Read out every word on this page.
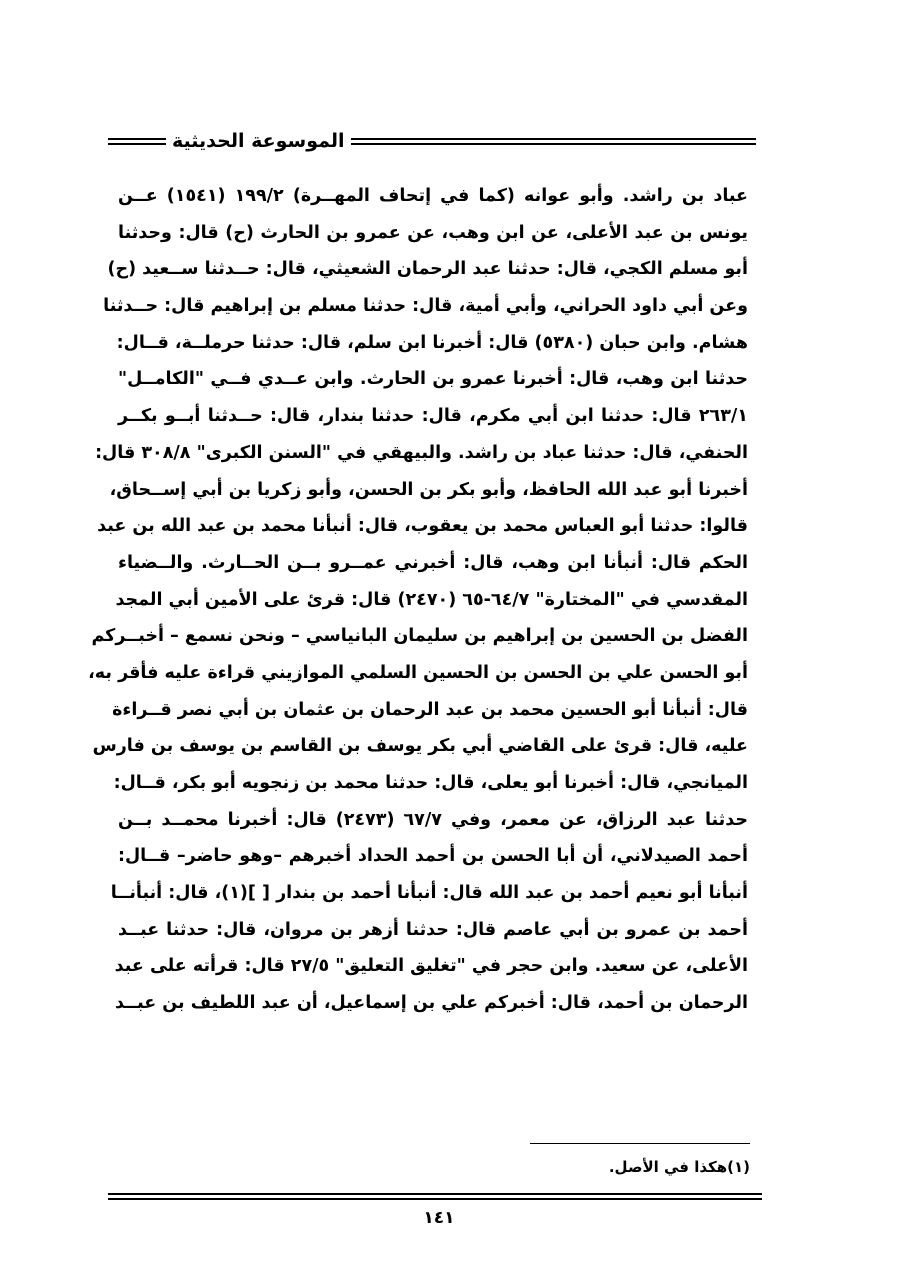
الموسوعة الحديثية
عباد بن راشد. وأبو عوانه (كما في إتحاف المهــرة) ١٩٩/٢ (١٥٤١) عــن
يونس بن عبد الأعلى، عن ابن وهب، عن عمرو بن الحارث (ح) قال: وحدثنا
أبو مسلم الكجي، قال: حدثنا عبد الرحمان الشعيثي، قال: حــدثنا ســعيد (ح)
وعن أبي داود الحراني، وأبي أمية، قال: حدثنا مسلم بن إبراهيم قال: حــدثنا
هشام. وابن حبان (٥٣٨٠) قال: أخبرنا ابن سلم، قال: حدثنا حرملــة، قــال:
حدثنا ابن وهب، قال: أخبرنا عمرو بن الحارث. وابن عــدي فــي "الكامــل"
٢٦٣/١ قال: حدثنا ابن أبي مكرم، قال: حدثنا بندار، قال: حــدثنا أبــو بكــر
الحنفي، قال: حدثنا عباد بن راشد. والبيهقي في "السنن الكبرى" ٣٠٨/٨ قال:
أخبرنا أبو عبد الله الحافظ، وأبو بكر بن الحسن، وأبو زكريا بن أبي إســحاق،
قالوا: حدثنا أبو العباس محمد بن يعقوب، قال: أنبأنا محمد بن عبد الله بن عبد
الحكم قال: أنبأنا ابن وهب، قال: أخبرني عمــرو بــن الحــارث. والــضياء
المقدسي في "المختارة" ٦٤/٧-٦٥ (٢٤٧٠) قال: قرئ على الأمين أبي المجد
الفضل بن الحسين بن إبراهيم بن سليمان البانياسي – ونحن نسمع – أخبــركم
أبو الحسن علي بن الحسن بن الحسين السلمي الموازيني قراءة عليه فأقر به،
قال: أنبأنا أبو الحسين محمد بن عبد الرحمان بن عثمان بن أبي نصر قــراءة
عليه، قال: قرئ على القاضي أبي بكر يوسف بن القاسم بن يوسف بن فارس
الميانجي، قال: أخبرنا أبو يعلى، قال: حدثنا محمد بن زنجويه أبو بكر، قــال:
حدثنا عبد الرزاق، عن معمر، وفي ٦٧/٧ (٢٤٧٣) قال: أخبرنا محمــد بــن
أحمد الصيدلاني، أن أبا الحسن بن أحمد الحداد أخبرهم –وهو حاضر– قــال:
أنبأنا أبو نعيم أحمد بن عبد الله قال: أنبأنا أحمد بن بندار [ ](١)، قال: أنبأنــا
أحمد بن عمرو بن أبي عاصم قال: حدثنا أزهر بن مروان، قال: حدثنا عبــد
الأعلى، عن سعيد. وابن حجر في "تغليق التعليق" ٢٧/٥ قال: قرأته على عبد
الرحمان بن أحمد، قال: أخبركم علي بن إسماعيل، أن عبد اللطيف بن عبــد
(١)هكذا في الأصل.
١٤١
